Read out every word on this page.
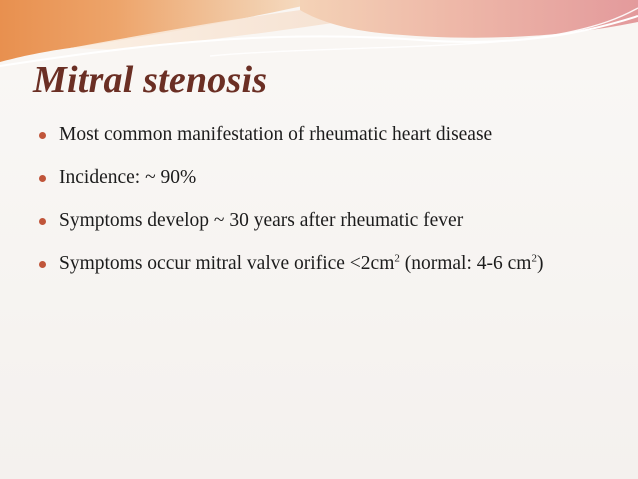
Mitral stenosis
Most common manifestation of rheumatic heart disease
Incidence: ~ 90%
Symptoms develop ~ 30 years after rheumatic fever
Symptoms occur mitral valve orifice $<2cm^2$ (normal: 4-6 $cm^2$)
